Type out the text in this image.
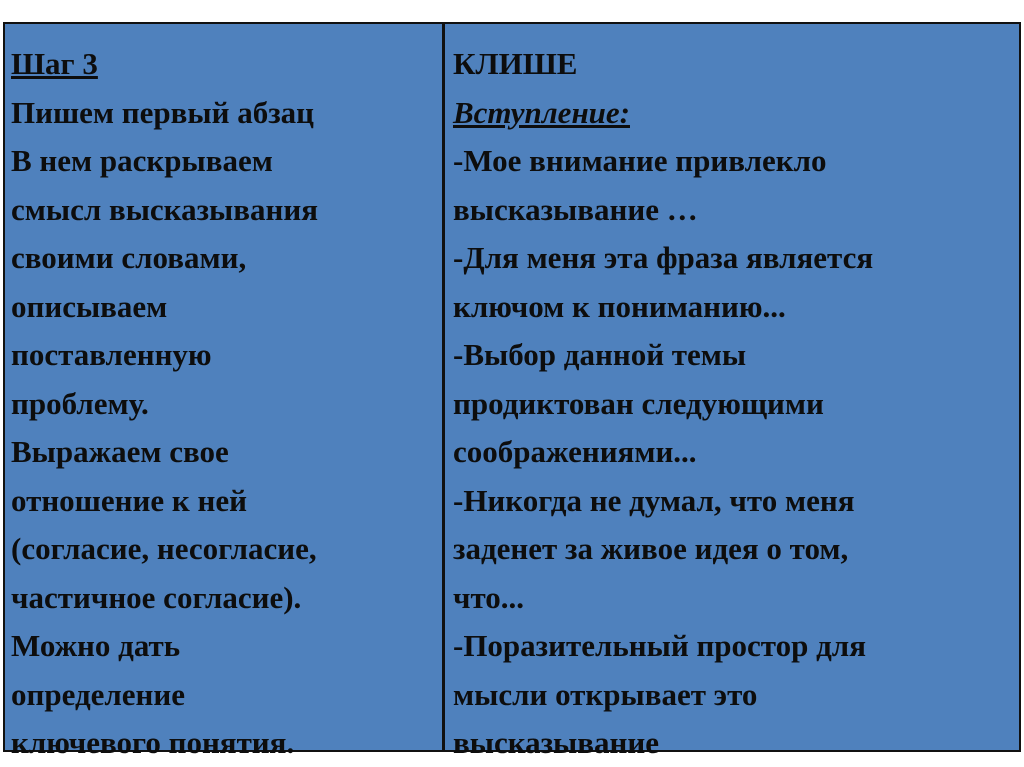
Шаг 3
Пишем первый абзац
В нем раскрываем
смысл высказывания
своими словами,
описываем
поставленную
проблему.
Выражаем свое
отношение к ней
(согласие, несогласие,
частичное согласие).
Можно дать
определение
ключевого понятия.
КЛИШЕ
Вступление:
-Мое внимание привлекло
высказывание …
-Для меня эта фраза является
ключом к пониманию...
-Выбор данной темы
продиктован следующими
соображениями...
-Никогда не думал, что меня
заденет за живое идея о том,
что...
-Поразительный простор для
мысли открывает это
высказывание
